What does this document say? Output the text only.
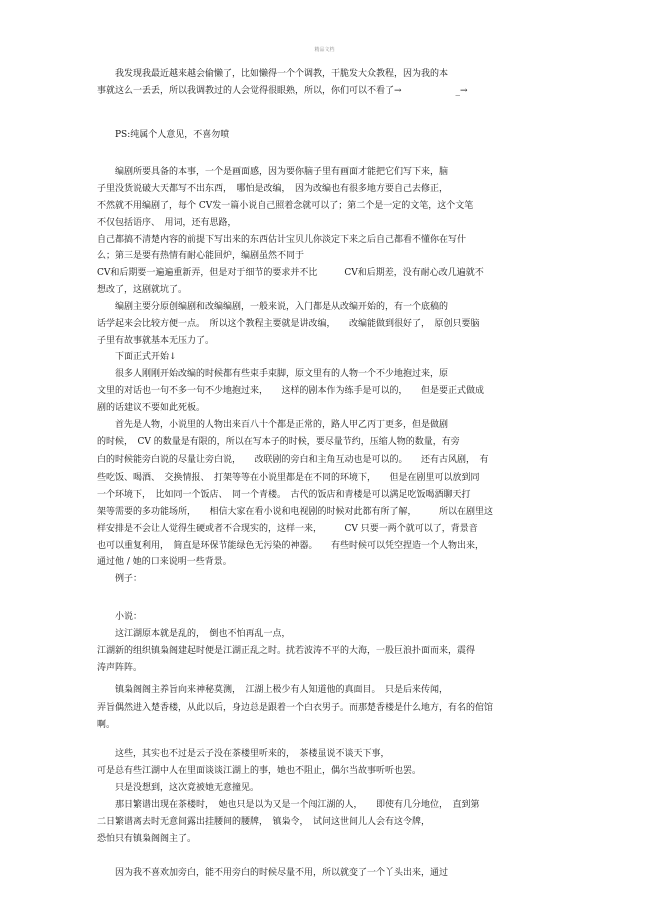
精品文档
　　我发现我最近越来越会偷懒了，比如懒得一个个调教，干脆发大众教程，因为我的本
事就这么一丢丢，所以我调教过的人会觉得很眼熟，所以，你们可以不看了→　　　　　　_→
　　PS:纯属个人意见，不喜勿喷
　　编剧所要具备的本事，一个是画面感，因为要你脑子里有画面才能把它们写下来，脑
子里没货说破大天都写不出东西，　哪怕是改编，　因为改编也有很多地方要自己去修正，
不然就不用编剧了，每个 CV发一篇小说自己照着念就可以了；第二个是一定的文笔，这个文笔
不仅包括语序、　用词，还有思路，
自己都搞不清楚内容的前提下写出来的东西估计宝贝儿你淡定下来之后自己都看不懂你在写什
么；第三是要有热情有耐心能回炉，编剧虽然不同于
CV和后期要一遍遍重新弄，但是对于细节的要求并不比　　　CV和后期差，没有耐心改几遍就不
想改了，这剧就坑了。
　　编剧主要分原创编剧和改编编剧，一般来说，入门都是从改编开始的，有一个底稿的
话学起来会比较方便一点。　所以这个教程主要就是讲改编，　　改编能做到很好了，　原创只要脑
子里有故事就基本无压力了。
　　下面正式开始↓
　　很多人刚刚开始改编的时候都有些束手束脚，原文里有的人物一个不少地抱过来，原
文里的对话也一句不多一句不少地抱过来，　　这样的剧本作为练手是可以的，　　但是要正式做成
剧的话建议不要如此死板。
　　首先是人物，小说里的人物出来百八十个都是正常的，路人甲乙丙丁更多，但是做剧
的时候，　CV 的数量是有限的，所以在写本子的时候，要尽量节约，压缩人物的数量，有旁
白的时候能旁白说的尽量让旁白说，　　改联剧的旁白和主角互动也是可以的。　　还有古风剧，　有
些吃饭、喝酒、　交换情报、　打架等等在小说里都是在不同的环境下，　　但是在剧里可以放到同
一个环境下，　比如同一个饭店、　同一个青楼。　古代的饭店和青楼是可以满足吃饭喝酒聊天打
架等需要的多功能场所，　　相信大家在看小说和电视剧的时候对此都有所了解，　　　所以在剧里这
样安排是不会让人觉得生硬或者不合现实的，这样一来，　　　CV 只要一两个就可以了，背景音
也可以重复利用，　简直是环保节能绿色无污染的神器。　　有些时候可以凭空捏造一个人物出来，
通过他 / 她的口来说明一些背景。
　　例子：
　　小说：
　　这江湖原本就是乱的，　倒也不怕再乱一点，
江湖新的组织镇枭阁建起时便是江湖正乱之时。扰若波涛不平的大海，一股巨浪扑面而来，震得
涛声阵阵。
　　镇枭阁阁主养旨向来神秘莫测，　江湖上极少有人知道他的真面目。　只是后来传闻，
弄旨偶然进入楚香楼，从此以后，身边总是跟着一个白衣男子。而那楚香楼是什么地方，有名的倌馆
啊。
　　这些，其实也不过是云子没在茶楼里听来的，　茶楼虽说不谈天下事，
可是总有些江湖中人在里面谈谈江湖上的事，她也不阻止，偶尔当故事听听也罢。
　　只是没想到，这次竟被她无意撞见。
　　那日繁谱出现在茶楼时，　她也只是以为又是一个闯江湖的人，　　即使有几分地位，　直到第
二日繁谱离去时无意间露出挂腰间的腰牌，　镇枭令，　试问这世间儿人会有这令牌，
恐怕只有镇枭阁阁主了。
　　因为我不喜欢加旁白，能不用旁白的时候尽量不用，所以就变了一个丫头出来，通过
